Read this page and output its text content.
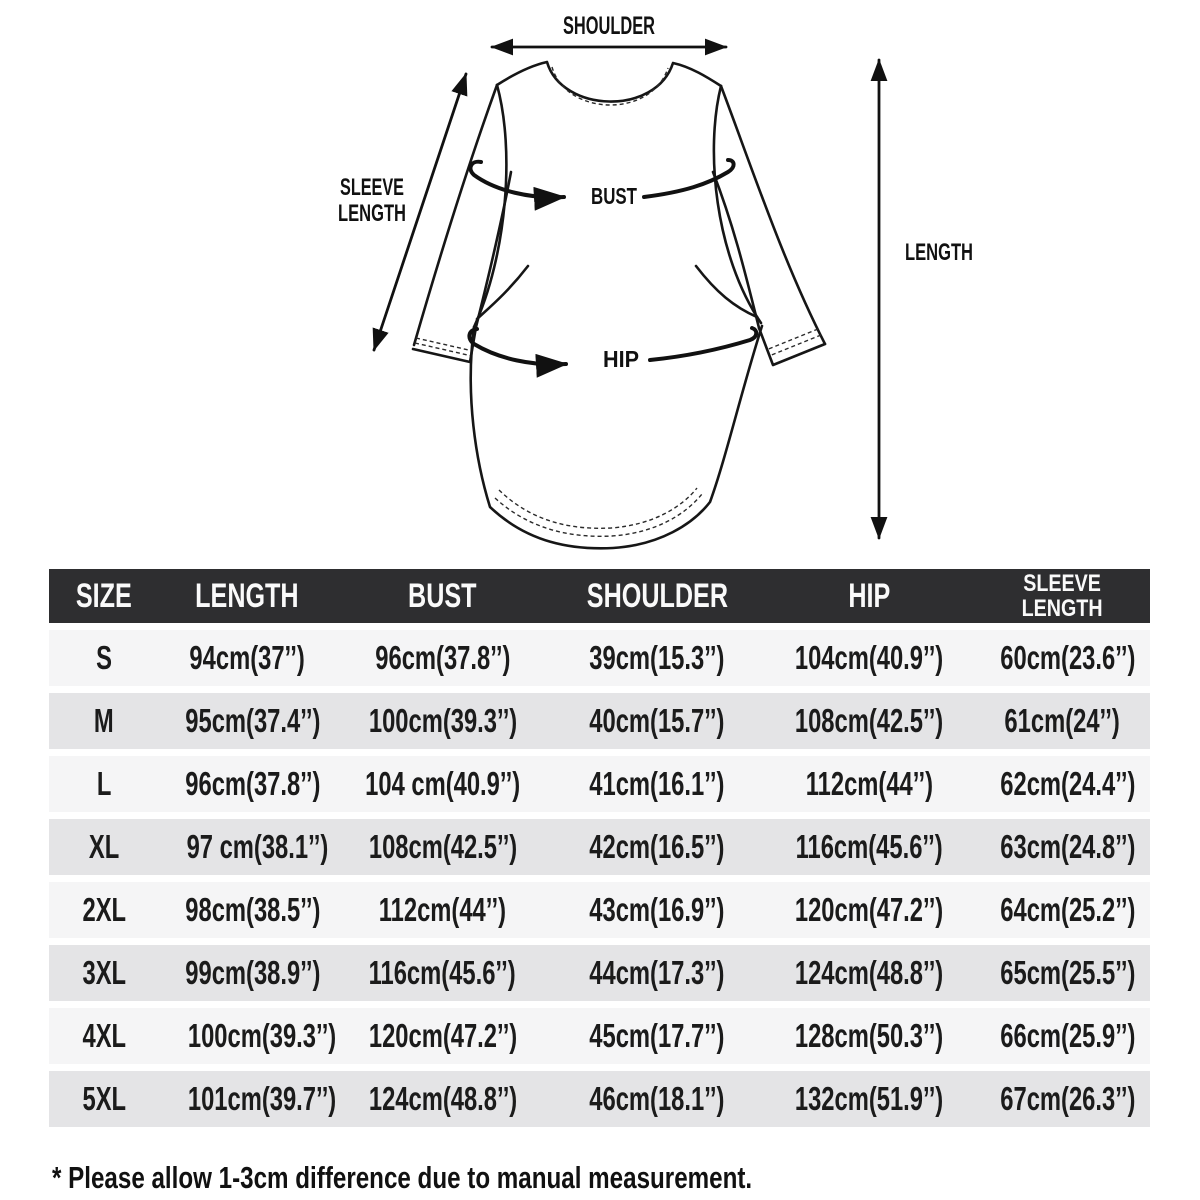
SHOULDER
SLEEVE
LENGTH
BUST
HIP
LENGTH
SIZE	LENGTH	BUST	SHOULDER	HIP	SLEEVE
LENGTH

S	94cm(37’’)	96cm(37.8’’)	39cm(15.3’’)	104cm(40.9’’)	60cm(23.6’’)
M	95cm(37.4’’)	100cm(39.3’’)	40cm(15.7’’)	108cm(42.5’’)	61cm(24’’)
L	96cm(37.8’’)	104 cm(40.9’’)	41cm(16.1’’)	112cm(44’’)	62cm(24.4’’)
XL	97 cm(38.1’’)	108cm(42.5’’)	42cm(16.5’’)	116cm(45.6’’)	63cm(24.8’’)
2XL	98cm(38.5’’)	112cm(44’’)	43cm(16.9’’)	120cm(47.2’’)	64cm(25.2’’)
3XL	99cm(38.9’’)	116cm(45.6’’)	44cm(17.3’’)	124cm(48.8’’)	65cm(25.5’’)
4XL	100cm(39.3’’)	120cm(47.2’’)	45cm(17.7’’)	128cm(50.3’’)	66cm(25.9’’)
5XL	101cm(39.7’’)	124cm(48.8’’)	46cm(18.1’’)	132cm(51.9’’)	67cm(26.3’’)
* Please allow 1-3cm difference due to manual measurement.
